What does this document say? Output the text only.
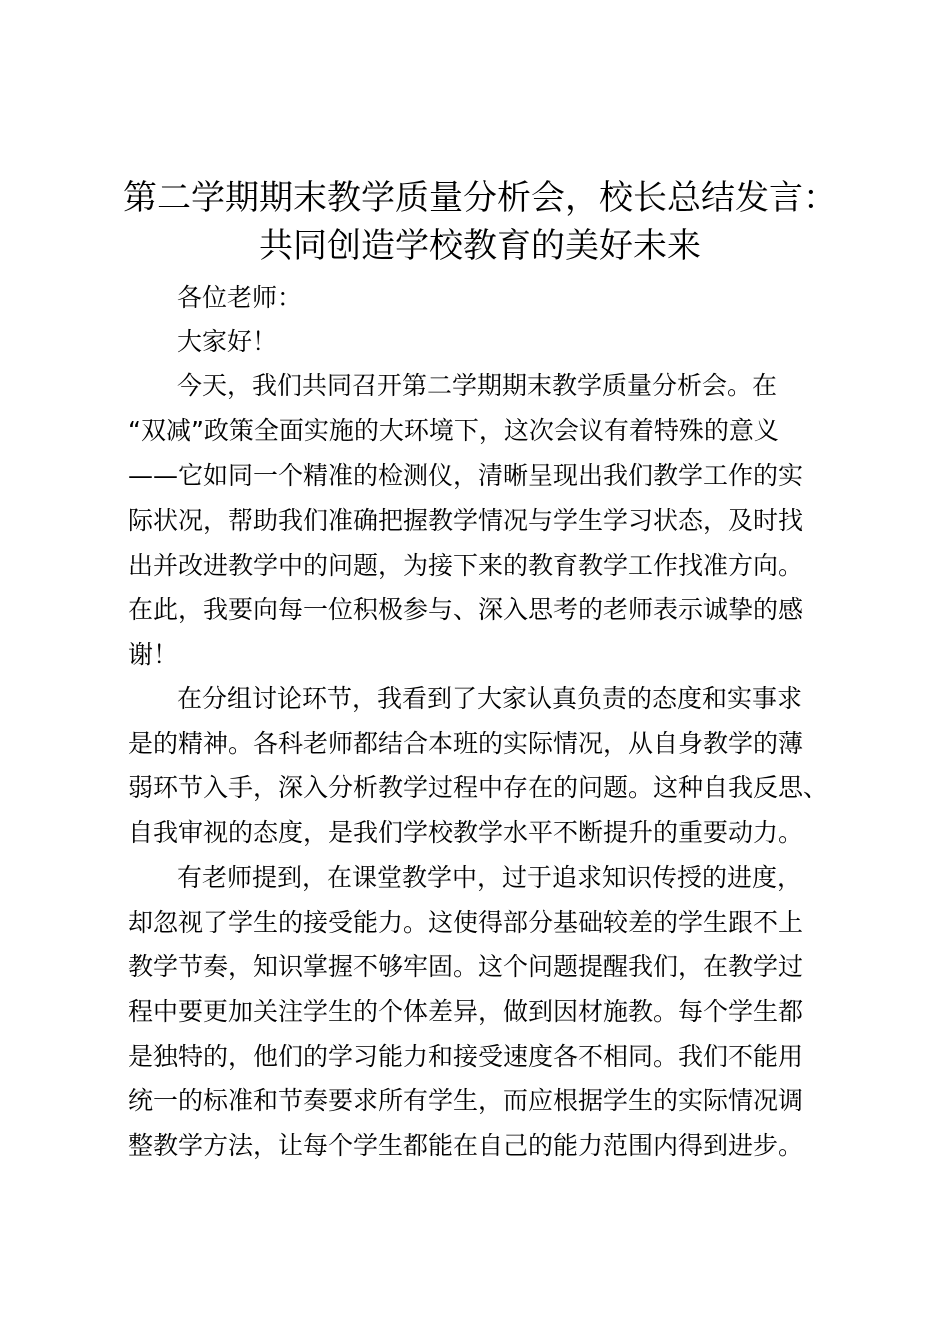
第二学期期末教学质量分析会，校长总结发言：
共同创造学校教育的美好未来

各位老师：

大家好！

今天，我们共同召开第二学期期末教学质量分析会。在

“双减”政策全面实施的大环境下，这次会议有着特殊的意义

——它如同一个精准的检测仪，清晰呈现出我们教学工作的实

际状况，帮助我们准确把握教学情况与学生学习状态，及时找

出并改进教学中的问题，为接下来的教育教学工作找准方向。

在此，我要向每一位积极参与、深入思考的老师表示诚挚的感

谢！

在分组讨论环节，我看到了大家认真负责的态度和实事求

是的精神。各科老师都结合本班的实际情况，从自身教学的薄

弱环节入手，深入分析教学过程中存在的问题。这种自我反思、

自我审视的态度，是我们学校教学水平不断提升的重要动力。

有老师提到，在课堂教学中，过于追求知识传授的进度，

却忽视了学生的接受能力。这使得部分基础较差的学生跟不上

教学节奏，知识掌握不够牢固。这个问题提醒我们，在教学过

程中要更加关注学生的个体差异，做到因材施教。每个学生都

是独特的，他们的学习能力和接受速度各不相同。我们不能用

统一的标准和节奏要求所有学生，而应根据学生的实际情况调

整教学方法，让每个学生都能在自己的能力范围内得到进步。
